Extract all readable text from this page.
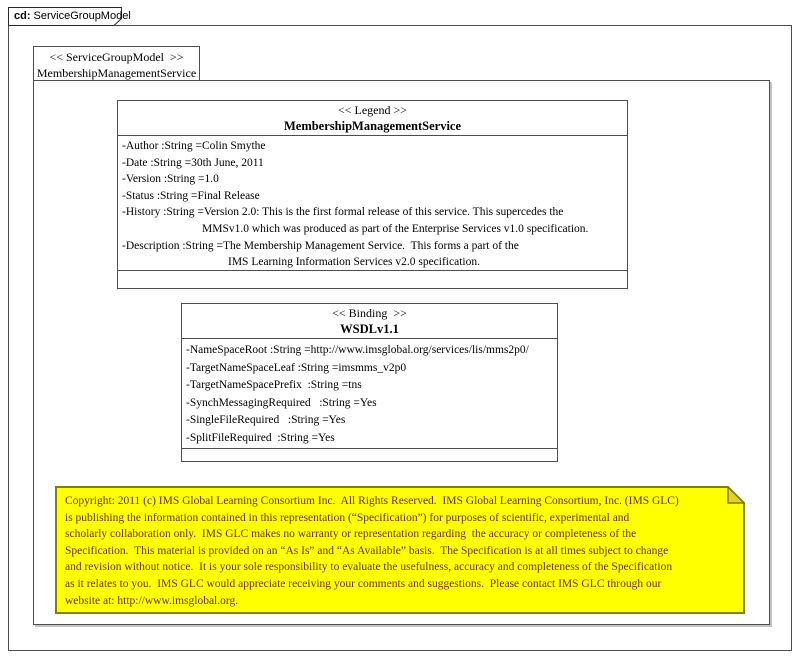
cd: ServiceGroupModel
<< ServiceGroupModel  >>
MembershipManagementService
<< Legend >>
MembershipManagementService
-Author :String =Colin Smythe
-Date :String =30th June, 2011
-Version :String =1.0
-Status :String =Final Release
-History :String =Version 2.0: This is the first formal release of this service. This supercedes the
MMSv1.0 which was produced as part of the Enterprise Services v1.0 specification.
-Description :String =The Membership Management Service.  This forms a part of the
IMS Learning Information Services v2.0 specification.
<< Binding  >>
WSDLv1.1
-NameSpaceRoot :String =http://www.imsglobal.org/services/lis/mms2p0/
-TargetNameSpaceLeaf :String =imsmms_v2p0
-TargetNameSpacePrefix  :String =tns
-SynchMessagingRequired   :String =Yes
-SingleFileRequired   :String =Yes
-SplitFileRequired  :String =Yes
Copyright: 2011 (c) IMS Global Learning Consortium Inc.  All Rights Reserved.  IMS Global Learning Consortium, Inc. (IMS GLC)
is publishing the information contained in this representation (“Specification”) for purposes of scientific, experimental and
scholarly collaboration only.  IMS GLC makes no warranty or representation regarding  the accuracy or completeness of the
Specification.  This material is provided on an “As Is” and “As Available” basis.  The Specification is at all times subject to change
and revision without notice.  It is your sole responsibility to evaluate the usefulness, accuracy and completeness of the Specification
as it relates to you.  IMS GLC would appreciate receiving your comments and suggestions.  Please contact IMS GLC through our
website at: http://www.imsglobal.org.
